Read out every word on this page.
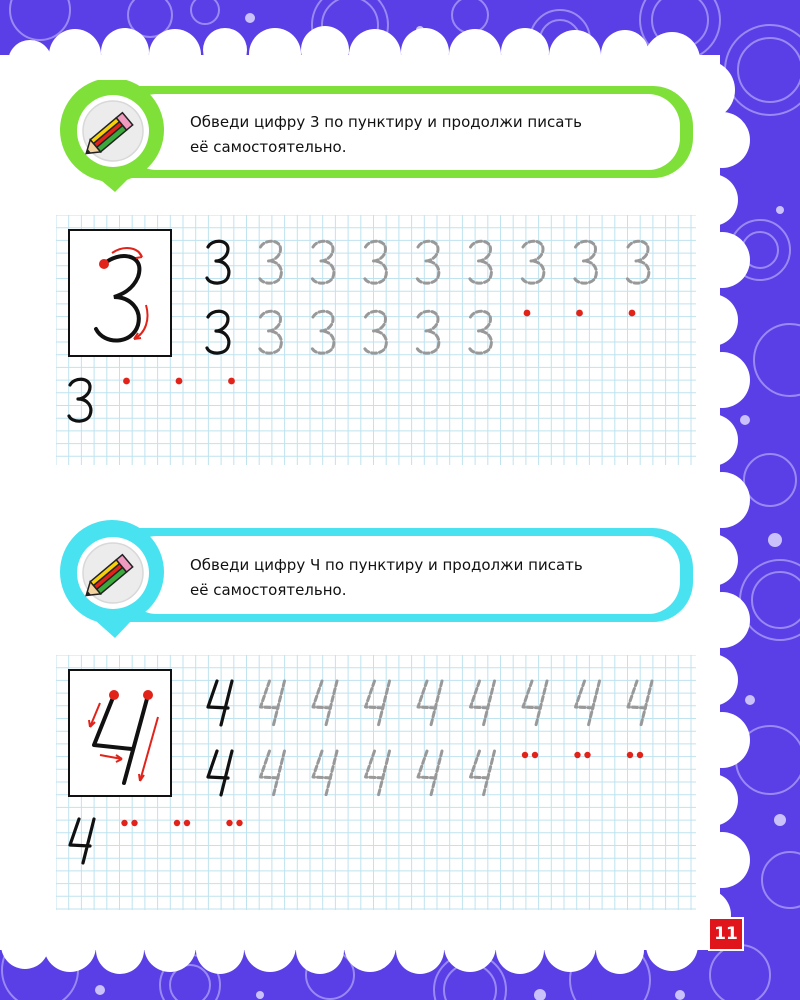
Обведи цифру 3 по пунктиру и продолжи писать
её самостоятельно.
Обведи цифру Ч по пунктиру и продолжи писать
её самостоятельно.
11
